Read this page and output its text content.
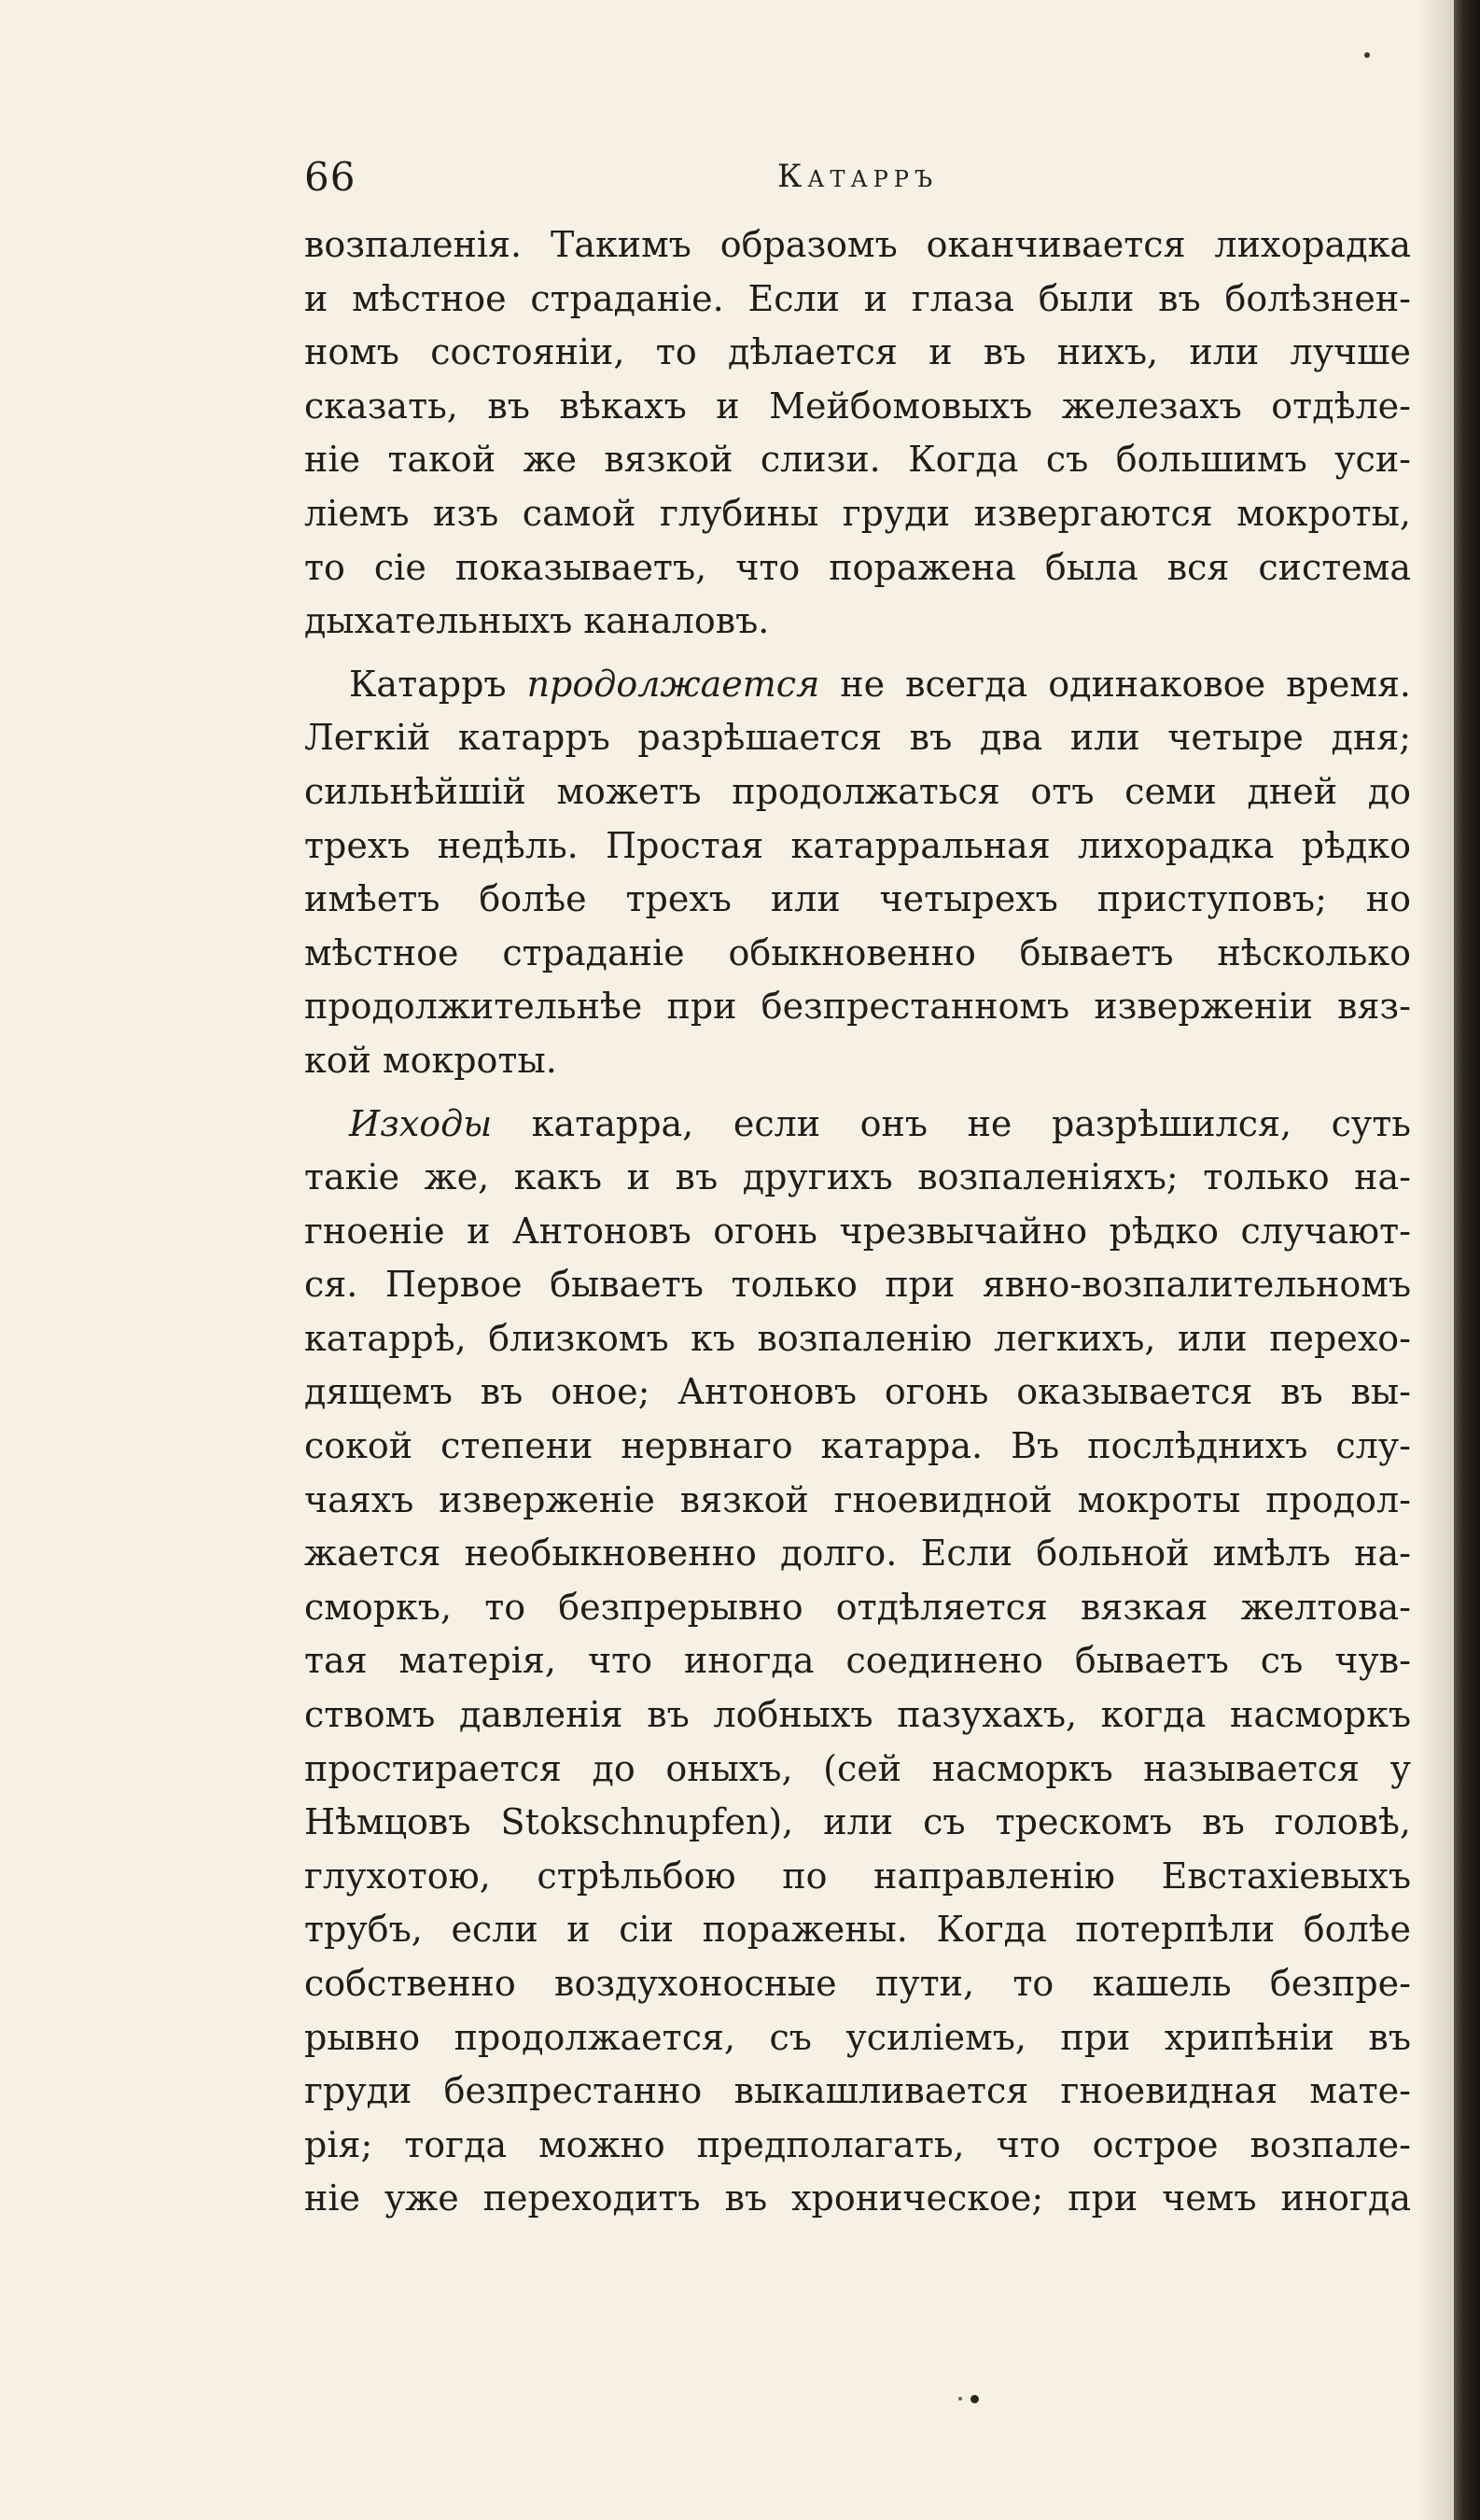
66	Катарръ
возпаленія. Такимъ образомъ оканчивается лихорадка
и мѣстное страданіе. Если и глаза были въ болѣзнен-
номъ состояніи, то дѣлается и въ нихъ, или лучше
сказать, въ вѣкахъ и Мейбомовыхъ железахъ отдѣле-
ніе такой же вязкой слизи. Когда съ большимъ уси-
ліемъ изъ самой глубины груди извергаются мокроты,
то сіе показываетъ, что поражена была вся система
дыхательныхъ каналовъ.
Катарръ продолжается не всегда одинаковое время.
Легкій катарръ разрѣшается въ два или четыре дня;
сильнѣйшій можетъ продолжаться отъ семи дней до
трехъ недѣль. Простая катарральная лихорадка рѣдко
имѣетъ болѣе трехъ или четырехъ приступовъ; но
мѣстное страданіе обыкновенно бываетъ нѣсколько
продолжительнѣе при безпрестанномъ изверженіи вяз-
кой мокроты.
Изходы катарра, если онъ не разрѣшился, суть
такіе же, какъ и въ другихъ возпаленіяхъ; только на-
гноеніе и Антоновъ огонь чрезвычайно рѣдко случают-
ся. Первое бываетъ только при явно-возпалительномъ
катаррѣ, близкомъ къ возпаленію легкихъ, или перехо-
дящемъ въ оное; Антоновъ огонь оказывается въ вы-
сокой степени нервнаго катарра. Въ послѣднихъ слу-
чаяхъ изверженіе вязкой гноевидной мокроты продол-
жается необыкновенно долго. Если больной имѣлъ на-
сморкъ, то безпрерывно отдѣляется вязкая желтова-
тая матерія, что иногда соединено бываетъ съ чув-
ствомъ давленія въ лобныхъ пазухахъ, когда насморкъ
простирается до оныхъ, (сей насморкъ называется у
Нѣмцовъ Stokschnupfen), или съ трескомъ въ головѣ,
глухотою, стрѣльбою по направленію Евстахіевыхъ
трубъ, если и сіи поражены. Когда потерпѣли болѣе
собственно воздухоносные пути, то кашель безпре-
рывно продолжается, съ усиліемъ, при хрипѣніи въ
груди безпрестанно выкашливается гноевидная мате-
рія; тогда можно предполагать, что острое возпале-
ніе уже переходитъ въ хроническое; при чемъ иногда
